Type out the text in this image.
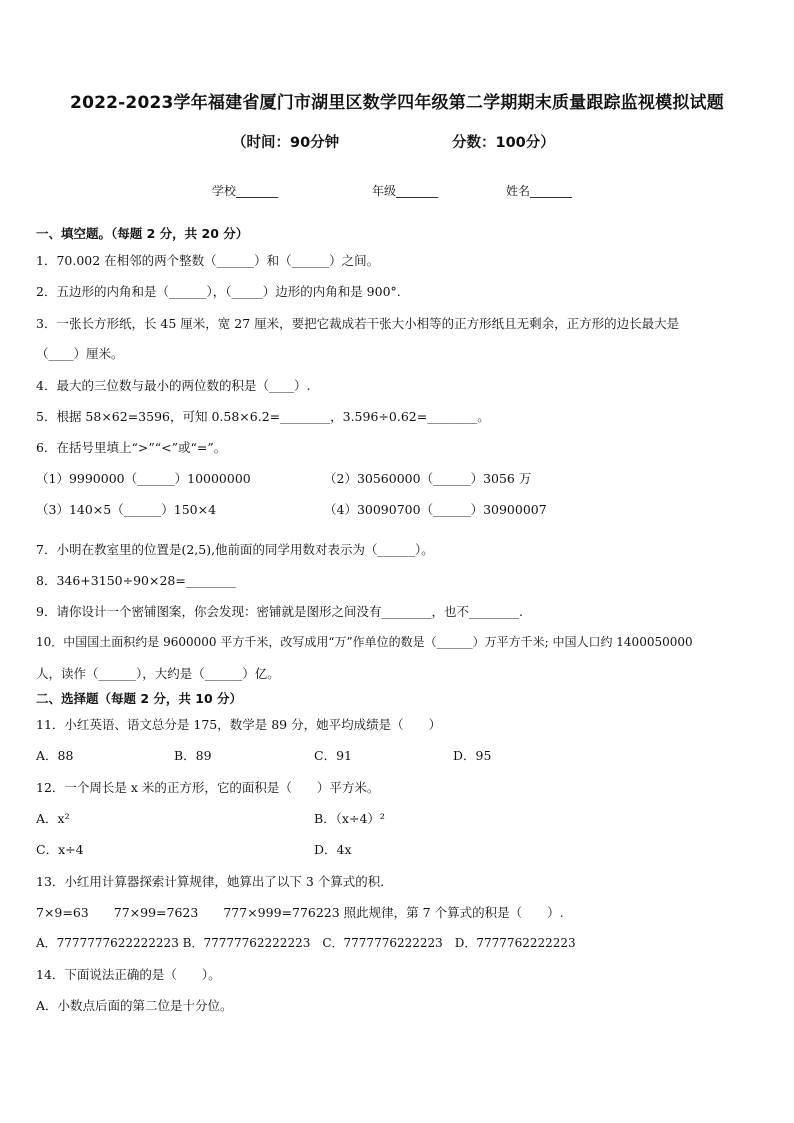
2022-2023学年福建省厦门市湖里区数学四年级第二学期期末质量跟踪监视模拟试题
（时间：90分钟	分数：100分）
学校_______	年级_______	姓名_______
一、填空题。（每题 2 分，共 20 分）
1．70.002 在相邻的两个整数（______）和（______）之间。
2．五边形的内角和是（______），（_____）边形的内角和是 900°.
3．一张长方形纸，长 45 厘米，宽 27 厘米，要把它裁成若干张大小相等的正方形纸且无剩余，正方形的边长最大是
（____）厘米。
4．最大的三位数与最小的两位数的积是（____）.
5．根据 58×62=3596，可知 0.58×6.2=________，3.596÷0.62=________。
6．在括号里填上“>”“<”或“=”。
（1）9990000（______）10000000	（2）30560000（______）3056 万
（3）140×5（______）150×4	（4）30090700（______）30900007
7．小明在教室里的位置是(2,5),他前面的同学用数对表示为（______）。
8．346+3150÷90×28=________
9．请你设计一个密铺图案，你会发现：密铺就是图形之间没有________，也不________.
10．中国国土面积约是 9600000 平方千米，改写成用“万”作单位的数是（______）万平方千米; 中国人口约 1400050000
人，读作（______），大约是（______）亿。
二、选择题（每题 2 分，共 10 分）
11．小红英语、语文总分是 175，数学是 89 分，她平均成绩是（　　）
A．88	B．89	C．91	D．95
12．一个周长是 x 米的正方形，它的面积是（　　）平方米。
A．x²	B．（x÷4）²
C．x÷4	D．4x
13．小红用计算器探索计算规律，她算出了以下 3 个算式的积．
7×9=63　　77×99=7623　　777×999=776223 照此规律，第 7 个算式的积是（　　）.
A．7777777622222223 B．77777762222223　C．7777776222223　D．7777762222223
14．下面说法正确的是（　　）。
A．小数点后面的第二位是十分位。
